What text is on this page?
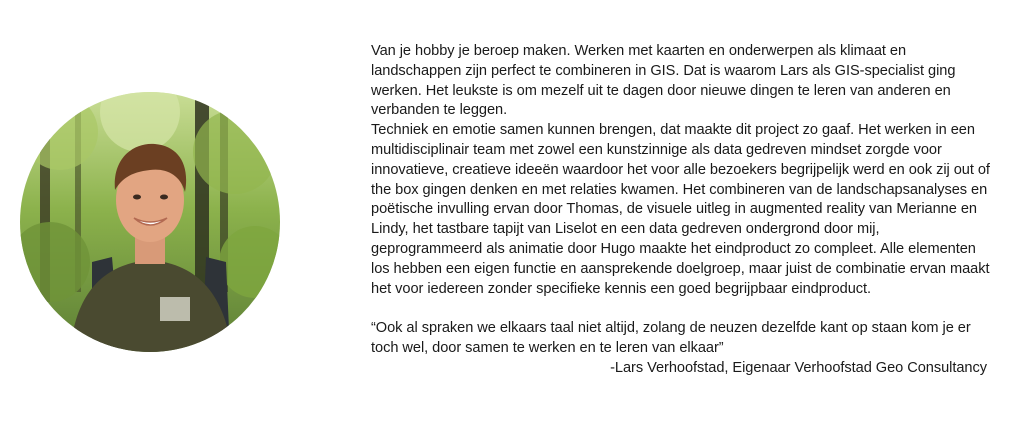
Van je hobby je beroep maken. Werken met kaarten en onderwerpen als klimaat en landschappen zijn perfect te combineren in GIS. Dat is waarom Lars als GIS-specialist ging werken. Het leukste is om mezelf uit te dagen door nieuwe dingen te leren van anderen en verbanden te leggen.

Techniek en emotie samen kunnen brengen, dat maakte dit project zo gaaf. Het werken in een multidisciplinair team met zowel een kunstzinnige als data gedreven mindset zorgde voor innovatieve, creatieve ideeën waardoor het voor alle bezoekers begrijpelijk werd en ook zij out of the box gingen denken en met relaties kwamen. Het combineren van de landschapsanalyses en poëtische invulling ervan door Thomas, de visuele uitleg in augmented reality van Merianne en Lindy, het tastbare tapijt van Liselot en een data gedreven ondergrond door mij, geprogrammeerd als animatie door Hugo maakte het eindproduct zo compleet. Alle elementen los hebben een eigen functie en aansprekende doelgroep, maar juist de combinatie ervan maakt het voor iedereen zonder specifieke kennis een goed begrijpbaar eindproduct.

“Ook al spraken we elkaars taal niet altijd, zolang de neuzen dezelfde kant op staan kom je er toch wel, door samen te werken en te leren van elkaar”

-Lars Verhoofstad, Eigenaar Verhoofstad Geo Consultancy
